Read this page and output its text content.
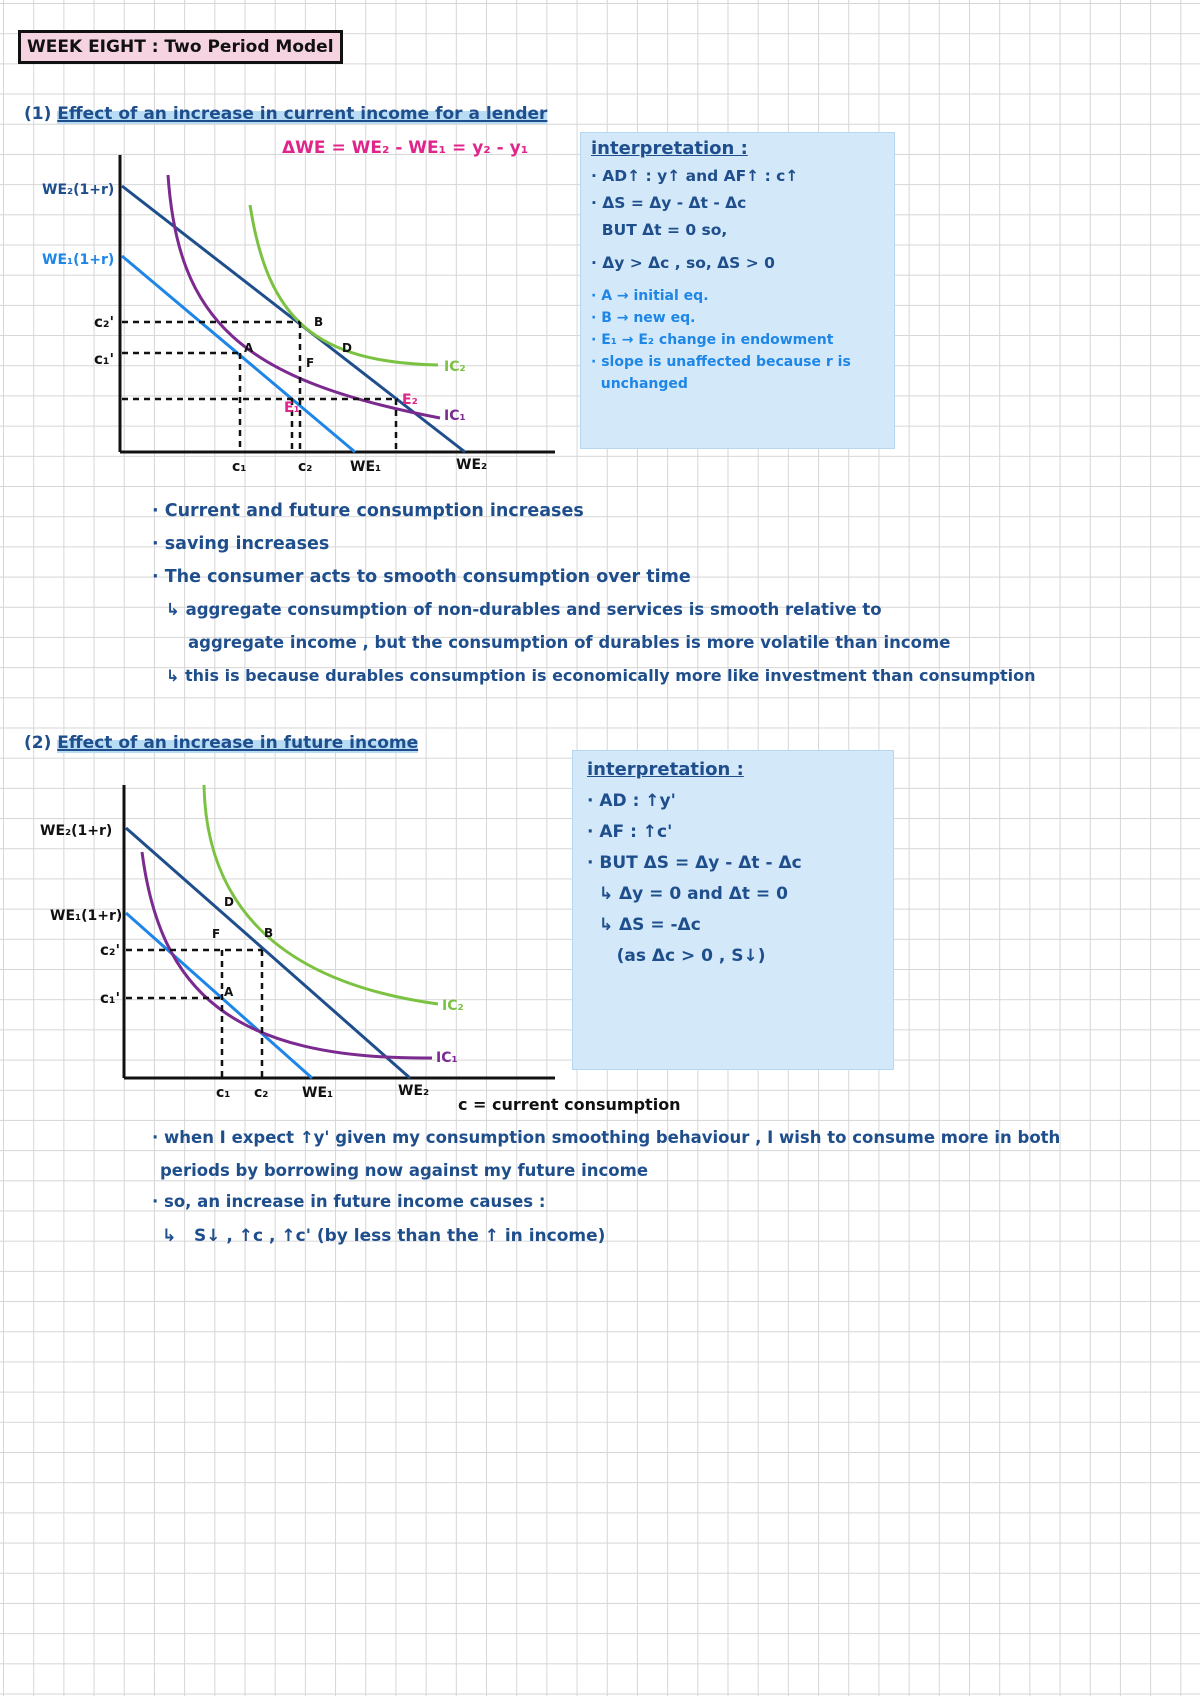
WEEK EIGHT : Two Period Model
(1) Effect of an increase in current income for a lender
ΔWE = WE₂ - WE₁ = y₂ - y₁
WE₂(1+r)
WE₁(1+r)
c₂'
c₁'
A
B
D
F
E₁	E₂
IC₂
IC₁
c₁	c₂	WE₁	WE₂
interpretation :
· AD↑ : y↑ and AF↑ : c↑
· ΔS = Δy - Δt - Δc
BUT Δt = 0 so,
· Δy > Δc , so, ΔS > 0
· A → initial eq.
· B → new eq.
· E₁ → E₂ change in endowment
· slope is unaffected because r is
unchanged
· Current and future consumption increases
· saving increases
· The consumer acts to smooth consumption over time
↳ aggregate consumption of non-durables and services is smooth relative to
aggregate income , but the consumption of durables is more volatile than income
↳ this is because durables consumption is economically more like investment than consumption
(2) Effect of an increase in future income
WE₂(1+r)
WE₁(1+r)
c₂'
c₁'	A
B
D
F
IC₂
IC₁
c₁ c₂ WE₁	WE₂
c = current consumption
interpretation :
· AD : ↑y'
· AF : ↑c'
· BUT ΔS = Δy - Δt - Δc
↳ Δy = 0 and Δt = 0
↳ ΔS = -Δc
(as Δc > 0 , S↓)
· when I expect ↑y' given my consumption smoothing behaviour , I wish to consume more in both
periods by borrowing now against my future income
· so, an increase in future income causes :
↳   S↓ , ↑c , ↑c' (by less than the ↑ in income)
